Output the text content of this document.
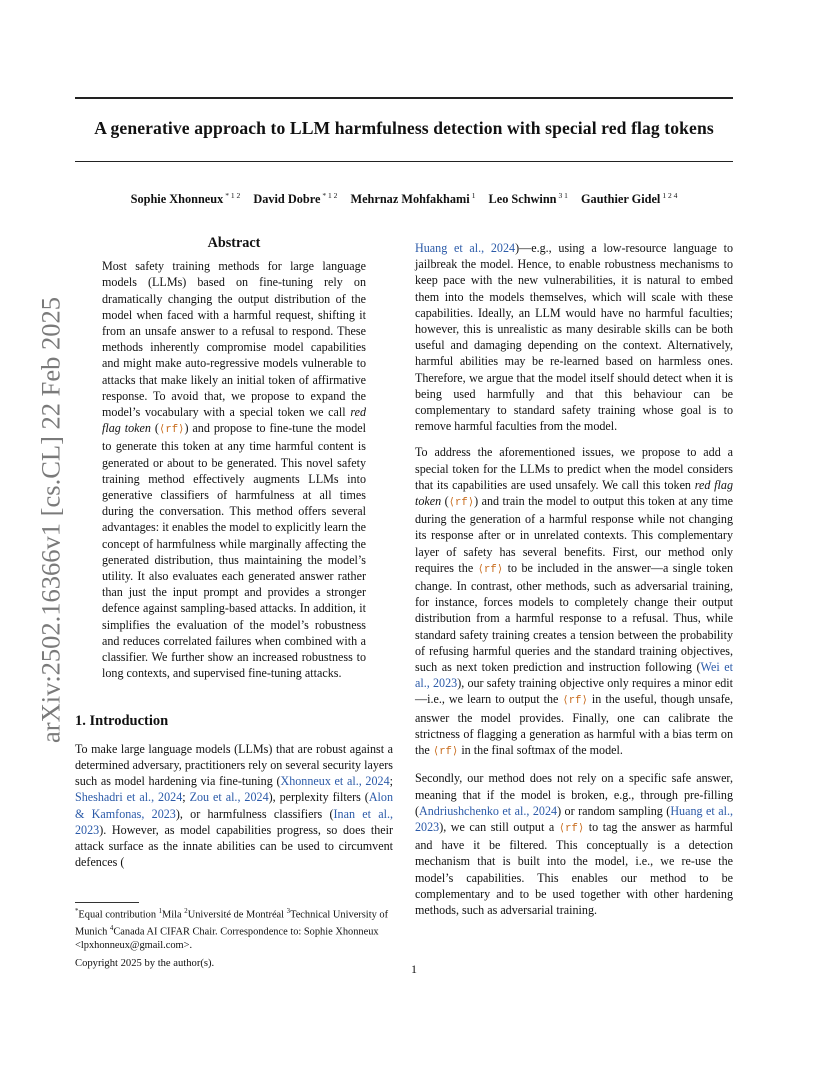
A generative approach to LLM harmfulness detection with special red flag tokens
Sophie Xhonneux $^{* 1 2}$ David Dobre $^{* 1 2}$ Mehrnaz Mohfakhami $^1$ Leo Schwinn $^{3 1}$ Gauthier Gidel $^{1 2 4}$
arXiv:2502.16366v1 [cs.CL] 22 Feb 2025
Abstract
Most safety training methods for large language models (LLMs) based on fine-tuning rely on dramatically changing the output distribution of the model when faced with a harmful request, shifting it from an unsafe answer to a refusal to respond. These methods inherently compromise model capabilities and might make auto-regressive models vulnerable to attacks that make likely an initial token of affirmative response. To avoid that, we propose to expand the model’s vocabulary with a special token we call red flag token (⟨rf⟩) and propose to fine-tune the model to generate this token at any time harmful content is generated or about to be generated. This novel safety training method effectively augments LLMs into generative classifiers of harmfulness at all times during the conversation. This method offers several advantages: it enables the model to explicitly learn the concept of harmfulness while marginally affecting the generated distribution, thus maintaining the model’s utility. It also evaluates each generated answer rather than just the input prompt and provides a stronger defence against sampling-based attacks. In addition, it simplifies the evaluation of the model’s robustness and reduces correlated failures when combined with a classifier. We further show an increased robustness to long contexts, and supervised fine-tuning attacks.
1. Introduction

To make large language models (LLMs) that are robust against a determined adversary, practitioners rely on several security layers such as model hardening via fine-tuning (Xhonneux et al., 2024; Sheshadri et al., 2024; Zou et al., 2024), perplexity filters (Alon & Kamfonas, 2023), or harmfulness classifiers (Inan et al., 2023). However, as model capabilities progress, so does their attack surface as the innate abilities can be used to circumvent defences (

Huang et al., 2024)—e.g., using a low-resource language to jailbreak the model. Hence, to enable robustness mechanisms to keep pace with the new vulnerabilities, it is natural to embed them into the models themselves, which will scale with these capabilities. Ideally, an LLM would have no harmful faculties; however, this is unrealistic as many desirable skills can be both useful and damaging depending on the context. Alternatively, harmful abilities may be re-learned based on harmless ones. Therefore, we argue that the model itself should detect when it is being used harmfully and that this behaviour can be complementary to standard safety training whose goal is to remove harmful faculties from the model.

To address the aforementioned issues, we propose to add a special token for the LLMs to predict when the model considers that its capabilities are used unsafely. We call this token red flag token (⟨rf⟩) and train the model to output this token at any time during the generation of a harmful response while not changing its response after or in unrelated contexts. This complementary layer of safety has several benefits. First, our method only requires the ⟨rf⟩ to be included in the answer—a single token change. In contrast, other methods, such as adversarial training, for instance, forces models to completely change their output distribution from a harmful response to a refusal. Thus, while standard safety training creates a tension between the probability of refusing harmful queries and the standard training objectives, such as next token prediction and instruction following (Wei et al., 2023), our safety training objective only requires a minor edit—i.e., we learn to output the ⟨rf⟩ in the useful, though unsafe, answer the model provides. Finally, one can calibrate the strictness of flagging a generation as harmful with a bias term on the ⟨rf⟩ in the final softmax of the model.

Secondly, our method does not rely on a specific safe answer, meaning that if the model is broken, e.g., through pre-filling (Andriushchenko et al., 2024) or random sampling (Huang et al., 2023), we can still output a ⟨rf⟩ to tag the answer as harmful and have it be filtered. This conceptually is a detection mechanism that is built into the model, i.e., we re-use the model’s capabilities. This enables our method to be complementary and to be used together with other hardening methods, such as adversarial training.

*Equal contribution $^1$Mila $^2$Université de Montréal $^3$Technical University of Munich $^4$Canada AI CIFAR Chair. Correspondence to: Sophie Xhonneux <lpxhonneux@gmail.com>.
Copyright 2025 by the author(s).	1
